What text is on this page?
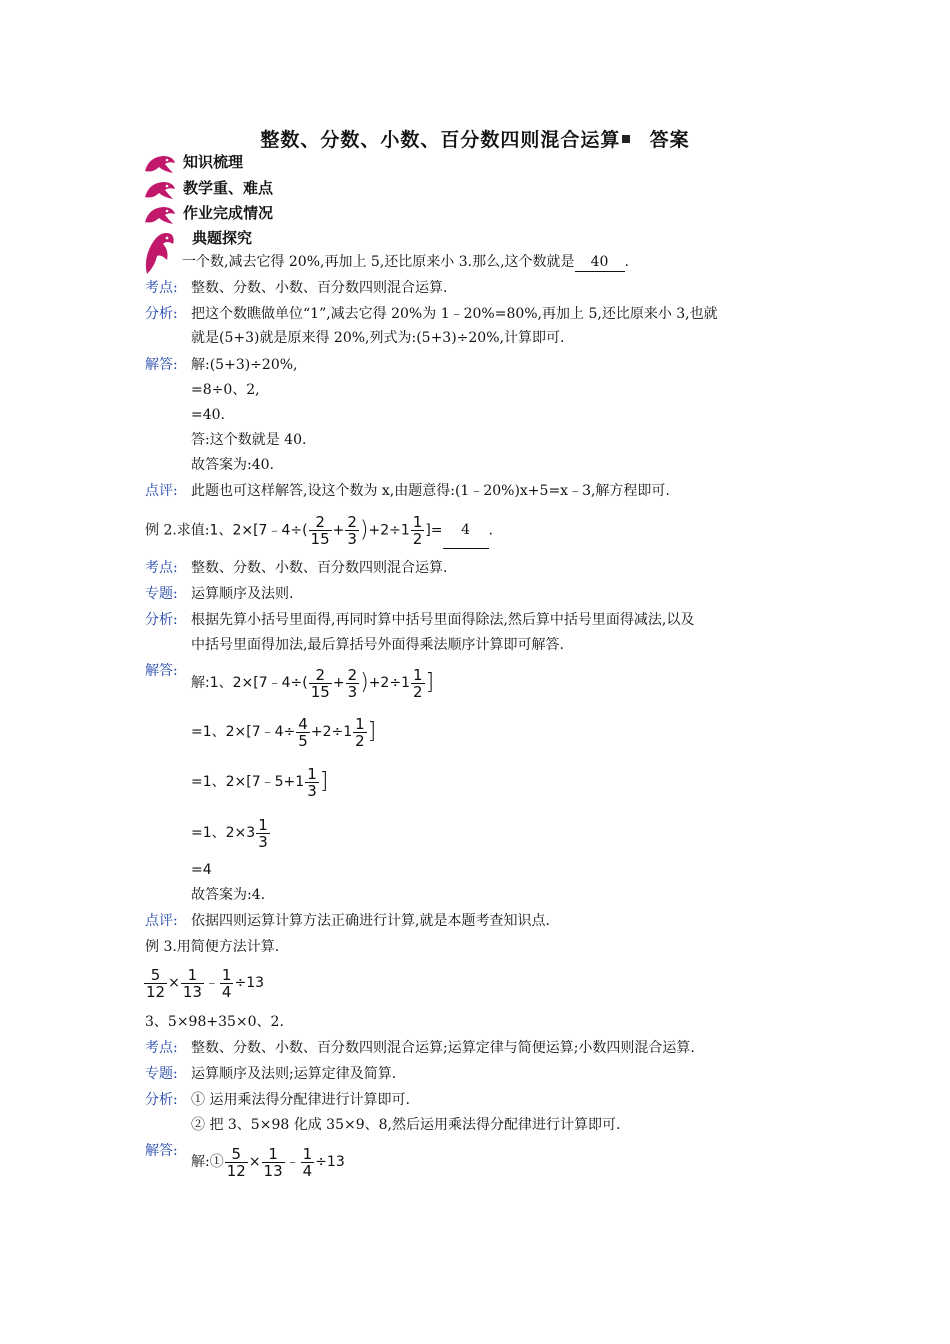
整数、分数、小数、百分数四则混合运算 答案
知识梳理
教学重、难点
作业完成情况
典题探究
一个数,减去它得 20%,再加上 5,还比原来小 3.那么,这个数就是 40 .
考点: 整数、分数、小数、百分数四则混合运算.
分析: 把这个数瞧做单位“1”,减去它得 20%为 1﹣20%=80%,再加上 5,还比原来小 3,也就
就是(5+3)就是原来得 20%,列式为:(5+3)÷20%,计算即可.
解答: 解:(5+3)÷20%,
=8÷0、2,
=40.
答:这个数就是 40.
故答案为:40.
点评: 此题也可这样解答,设这个数为 x,由题意得:(1﹣20%)x+5=x﹣3,解方程即可.
例 2.求值:1、2×[7﹣4÷( $\frac{2}{15} + \frac{2}{3} )+2\div 1 \frac{1}{2}$ ]= 4 .
考点: 整数、分数、小数、百分数四则混合运算.
专题: 运算顺序及法则.
分析: 根据先算小括号里面得,再同时算中括号里面得除法,然后算中括号里面得减法,以及
中括号里面得加法,最后算括号外面得乘法顺序计算即可解答.
解答:
解:1、2×[7﹣4÷( $\frac{2}{15} + \frac{2}{3} )+2\div 1 \frac{1}{2}$ ]
=1、2×[7﹣4÷ $\frac{4}{5} +2\div 1 \frac{1}{2}$ ]
=1、2×[7﹣5+1 $\frac{1}{3}$ ]
=1、$2\times 3 \frac{1}{3}$
=4
故答案为:4.
点评: 依据四则运算计算方法正确进行计算,就是本题考查知识点.
例 3.用简便方法计算.
$\frac{5}{12} \times \frac{1}{13}$ ﹣ $\frac{1}{4} \div 13$
3、5×98+35×0、2.
考点: 整数、分数、小数、百分数四则混合运算;运算定律与简便运算;小数四则混合运算.
专题: 运算顺序及法则;运算定律及简算.
分析: ① 运用乘法得分配律进行计算即可.
② 把 3、5×98 化成 35×9、8,然后运用乘法得分配律进行计算即可.
解答:
解:① $\frac{5}{12} \times \frac{1}{13}$ ﹣ $\frac{1}{4} \div 13$
